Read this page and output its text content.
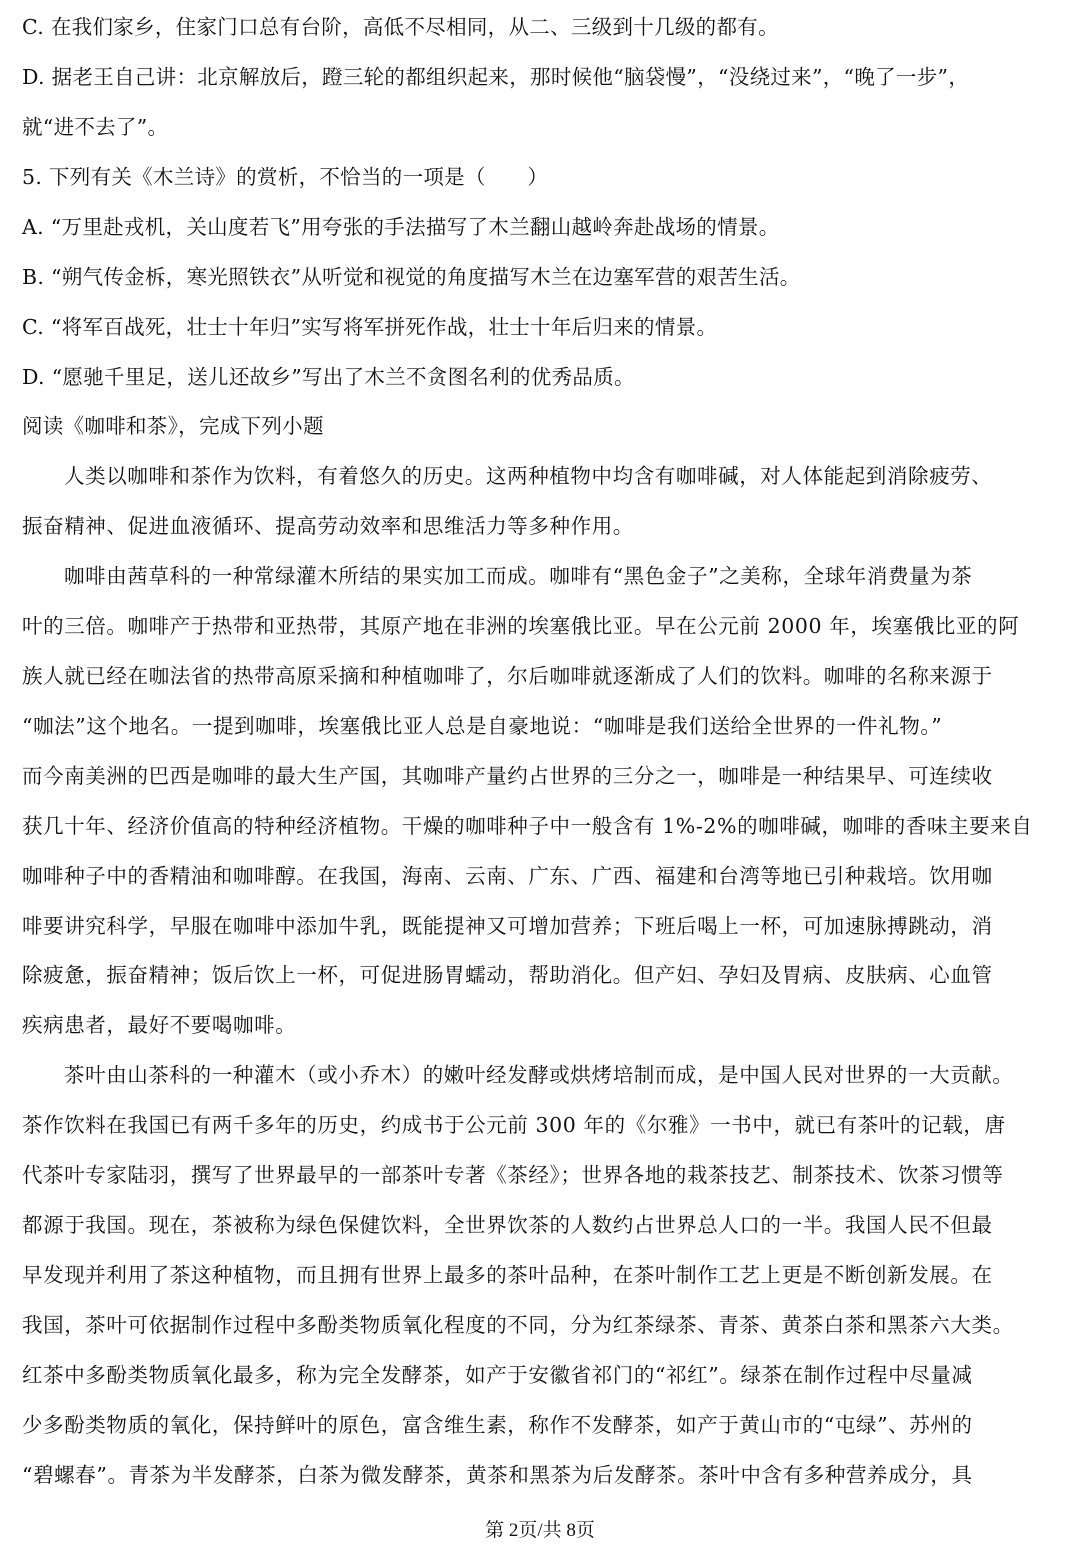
C. 在我们家乡，住家门口总有台阶，高低不尽相同，从二、三级到十几级的都有。
D. 据老王自己讲：北京解放后，蹬三轮的都组织起来，那时候他“脑袋慢”，“没绕过来”，“晚了一步”，
就“进不去了”。
5. 下列有关《木兰诗》的赏析，不恰当的一项是（　　）
A. “万里赴戎机，关山度若飞”用夸张的手法描写了木兰翻山越岭奔赴战场的情景。
B. “朔气传金柝，寒光照铁衣”从听觉和视觉的角度描写木兰在边塞军营的艰苦生活。
C. “将军百战死，壮士十年归”实写将军拼死作战，壮士十年后归来的情景。
D. “愿驰千里足，送儿还故乡”写出了木兰不贪图名利的优秀品质。
阅读《咖啡和茶》，完成下列小题
人类以咖啡和茶作为饮料，有着悠久的历史。这两种植物中均含有咖啡碱，对人体能起到消除疲劳、
振奋精神、促进血液循环、提高劳动效率和思维活力等多种作用。
咖啡由茜草科的一种常绿灌木所结的果实加工而成。咖啡有“黑色金子”之美称，全球年消费量为茶
叶的三倍。咖啡产于热带和亚热带，其原产地在非洲的埃塞俄比亚。早在公元前 2000 年，埃塞俄比亚的阿
族人就已经在咖法省的热带高原采摘和种植咖啡了，尔后咖啡就逐渐成了人们的饮料。咖啡的名称来源于
“咖法”这个地名。一提到咖啡，埃塞俄比亚人总是自豪地说：“咖啡是我们送给全世界的一件礼物。”
而今南美洲的巴西是咖啡的最大生产国，其咖啡产量约占世界的三分之一，咖啡是一种结果早、可连续收
获几十年、经济价值高的特种经济植物。干燥的咖啡种子中一般含有 1%-2%的咖啡碱，咖啡的香味主要来自
咖啡种子中的香精油和咖啡醇。在我国，海南、云南、广东、广西、福建和台湾等地已引种栽培。饮用咖
啡要讲究科学，早服在咖啡中添加牛乳，既能提神又可增加营养；下班后喝上一杯，可加速脉搏跳动，消
除疲惫，振奋精神；饭后饮上一杯，可促进肠胃蠕动，帮助消化。但产妇、孕妇及胃病、皮肤病、心血管
疾病患者，最好不要喝咖啡。
茶叶由山茶科的一种灌木（或小乔木）的嫩叶经发酵或烘烤培制而成，是中国人民对世界的一大贡献。
茶作饮料在我国已有两千多年的历史，约成书于公元前 300 年的《尔雅》一书中，就已有茶叶的记载，唐
代茶叶专家陆羽，撰写了世界最早的一部茶叶专著《茶经》；世界各地的栽茶技艺、制茶技术、饮茶习惯等
都源于我国。现在，茶被称为绿色保健饮料，全世界饮茶的人数约占世界总人口的一半。我国人民不但最
早发现并利用了茶这种植物，而且拥有世界上最多的茶叶品种，在茶叶制作工艺上更是不断创新发展。在
我国，茶叶可依据制作过程中多酚类物质氧化程度的不同，分为红茶绿茶、青茶、黄茶白茶和黑茶六大类。
红茶中多酚类物质氧化最多，称为完全发酵茶，如产于安徽省祁门的“祁红”。绿茶在制作过程中尽量减
少多酚类物质的氧化，保持鲜叶的原色，富含维生素，称作不发酵茶，如产于黄山市的“屯绿”、苏州的
“碧螺春”。青茶为半发酵茶，白茶为微发酵茶，黄茶和黑茶为后发酵茶。茶叶中含有多种营养成分，具
第 2页/共 8页
